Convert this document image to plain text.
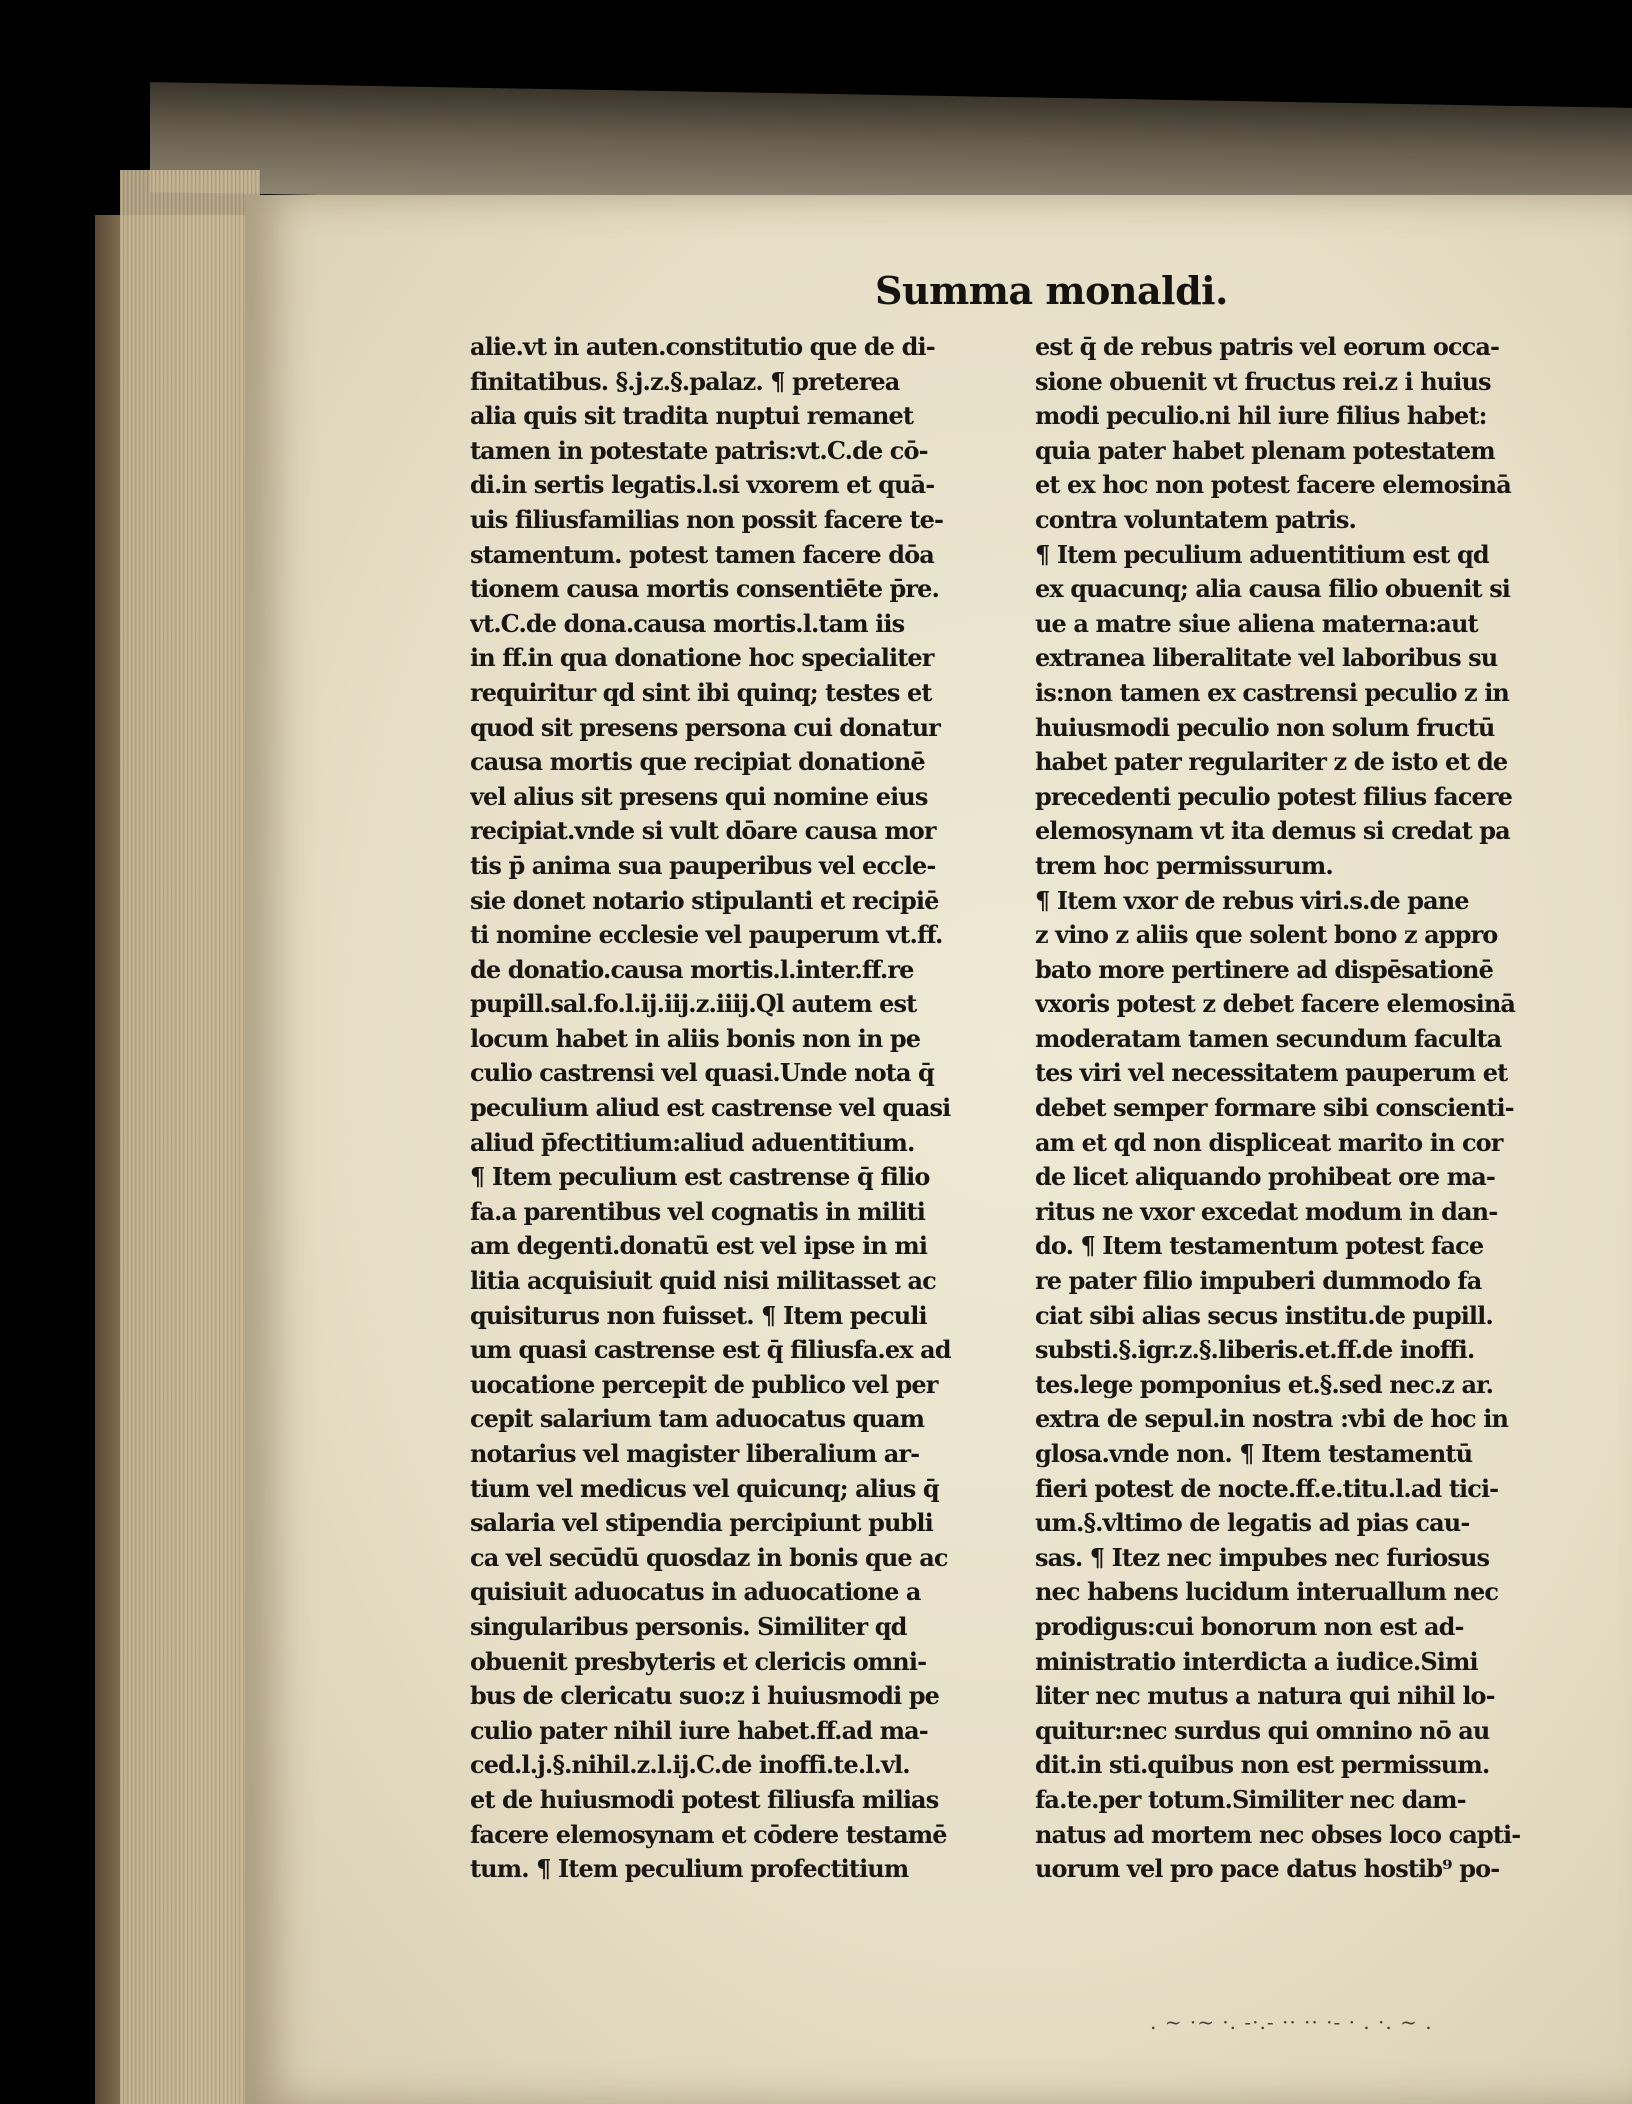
Summa monaldi.
alie.vt in auten.constitutio que de di-
finitatibus. §.j.z.§.palaz. ¶ preterea
alia quis sit tradita nuptui remanet
tamen in potestate patris:vt.C.de cō-
di.in sertis legatis.l.si vxorem et quā-
uis filiusfamilias non possit facere te-
stamentum. potest tamen facere dōa
tionem causa mortis consentiēte p̄re.
vt.C.de dona.causa mortis.l.tam iis
in ff.in qua donatione hoc specialiter
requiritur qd sint ibi quinq; testes et
quod sit presens persona cui donatur
causa mortis que recipiat donationē
vel alius sit presens qui nomine eius
recipiat.vnde si vult dōare causa mor
tis p̄ anima sua pauperibus vel eccle-
sie donet notario stipulanti et recipiē
ti nomine ecclesie vel pauperum vt.ff.
de donatio.causa mortis.l.inter.ff.re
pupill.sal.fo.l.ij.iij.z.iiij.Ql autem est
locum habet in aliis bonis non in pe
culio castrensi vel quasi.Unde nota q̄
peculium aliud est castrense vel quasi
aliud p̄fectitium:aliud aduentitium.
¶ Item peculium est castrense q̄ filio
fa.a parentibus vel cognatis in militi
am degenti.donatū est vel ipse in mi
litia acquisiuit quid nisi militasset ac
quisiturus non fuisset. ¶ Item peculi
um quasi castrense est q̄ filiusfa.ex ad
uocatione percepit de publico vel per
cepit salarium tam aduocatus quam
notarius vel magister liberalium ar-
tium vel medicus vel quicunq; alius q̄
salaria vel stipendia percipiunt publi
ca vel secūdū quosdaz in bonis que ac
quisiuit aduocatus in aduocatione a
singularibus personis. Similiter qd
obuenit presbyteris et clericis omni-
bus de clericatu suo:z i huiusmodi pe
culio pater nihil iure habet.ff.ad ma-
ced.l.j.§.nihil.z.l.ij.C.de inoffi.te.l.vl.
et de huiusmodi potest filiusfa milias
facere elemosynam et cōdere testamē
tum. ¶ Item peculium profectitium
est q̄ de rebus patris vel eorum occa-
sione obuenit vt fructus rei.z i huius
modi peculio.ni hil iure filius habet:
quia pater habet plenam potestatem
et ex hoc non potest facere elemosinā
contra voluntatem patris.
¶ Item peculium aduentitium est qd
ex quacunq; alia causa filio obuenit si
ue a matre siue aliena materna:aut
extranea liberalitate vel laboribus su
is:non tamen ex castrensi peculio z in
huiusmodi peculio non solum fructū
habet pater regulariter z de isto et de
precedenti peculio potest filius facere
elemosynam vt ita demus si credat pa
trem hoc permissurum.
¶ Item vxor de rebus viri.s.de pane
z vino z aliis que solent bono z appro
bato more pertinere ad dispēsationē
vxoris potest z debet facere elemosinā
moderatam tamen secundum faculta
tes viri vel necessitatem pauperum et
debet semper formare sibi conscienti-
am et qd non displiceat marito in cor
de licet aliquando prohibeat ore ma-
ritus ne vxor excedat modum in dan-
do. ¶ Item testamentum potest face
re pater filio impuberi dummodo fa
ciat sibi alias secus institu.de pupill.
substi.§.igr.z.§.liberis.et.ff.de inoffi.
tes.lege pomponius et.§.sed nec.z ar.
extra de sepul.in nostra :vbi de hoc in
glosa.vnde non. ¶ Item testamentū
fieri potest de nocte.ff.e.titu.l.ad tici-
um.§.vltimo de legatis ad pias cau-
sas. ¶ Itez nec impubes nec furiosus
nec habens lucidum interuallum nec
prodigus:cui bonorum non est ad-
ministratio interdicta a iudice.Simi
liter nec mutus a natura qui nihil lo-
quitur:nec surdus qui omnino nō au
dit.in sti.quibus non est permissum.
fa.te.per totum.Similiter nec dam-
natus ad mortem nec obses loco capti-
uorum vel pro pace datus hostib⁹ po-
. ~ ·~ ·. -·.- ·· ·· ·- · . ·. ~ .
